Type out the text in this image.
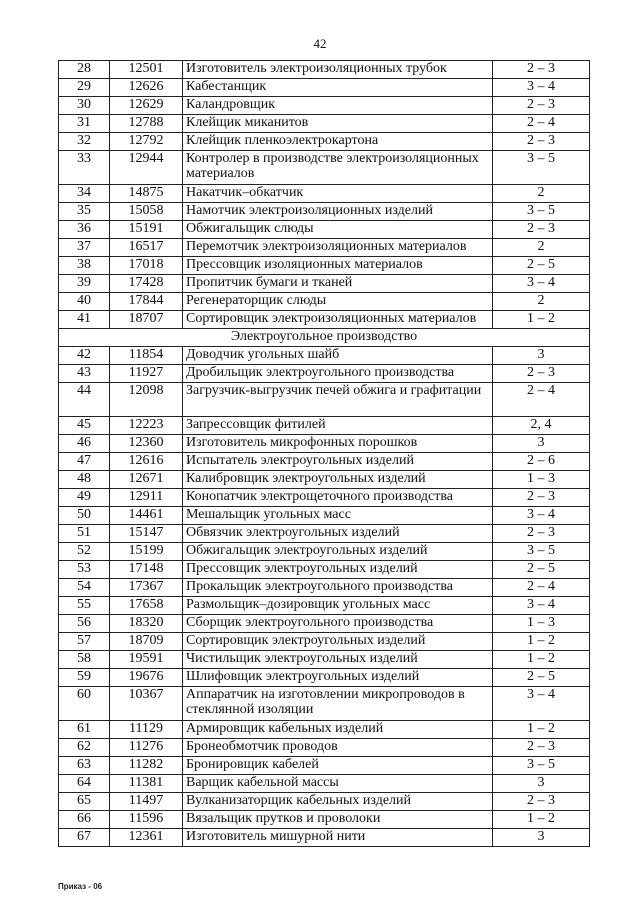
42
28	12501	Изготовитель электроизоляционных трубок	2 – 3
29	12626	Кабестанщик	3 – 4
30	12629	Каландровщик	2 – 3
31	12788	Клейщик миканитов	2 – 4
32	12792	Клейщик пленкоэлектрокартона	2 – 3
33	12944	Контролер в производстве электроизоляционных материалов	3 – 5
34	14875	Накатчик–обкатчик	2
35	15058	Намотчик электроизоляционных изделий	3 – 5
36	15191	Обжигальщик слюды	2 – 3
37	16517	Перемотчик электроизоляционных материалов	2
38	17018	Прессовщик изоляционных материалов	2 – 5
39	17428	Пропитчик бумаги и тканей	3 – 4
40	17844	Регенераторщик слюды	2
41	18707	Сортировщик электроизоляционных материалов	1 – 2
Электроугольное производство			
42	11854	Доводчик угольных шайб	3
43	11927	Дробильщик электроугольного производства	2 – 3
44	12098	Загрузчик-выгрузчик печей обжига и графитации	2 – 4
45	12223	Запрессовщик фитилей	2, 4
46	12360	Изготовитель микрофонных порошков	3
47	12616	Испытатель электроугольных изделий	2 – 6
48	12671	Калибровщик электроугольных изделий	1 – 3
49	12911	Конопатчик электрощеточного производства	2 – 3
50	14461	Мешальщик угольных масс	3 – 4
51	15147	Обвязчик электроугольных изделий	2 – 3
52	15199	Обжигальщик электроугольных изделий	3 – 5
53	17148	Прессовщик электроугольных изделий	2 – 5
54	17367	Прокальщик электроугольного производства	2 – 4
55	17658	Размольщик–дозировщик угольных масс	3 – 4
56	18320	Сборщик электроугольного производства	1 – 3
57	18709	Сортировщик электроугольных изделий	1 – 2
58	19591	Чистильщик электроугольных изделий	1 – 2
59	19676	Шлифовщик электроугольных изделий	2 – 5
60	10367	Аппаратчик на изготовлении микропроводов в стеклянной изоляции	3 – 4
61	11129	Армировщик кабельных изделий	1 – 2
62	11276	Бронеобмотчик проводов	2 – 3
63	11282	Бронировщик кабелей	3 – 5
64	11381	Варщик кабельной массы	3
65	11497	Вулканизаторщик кабельных изделий	2 – 3
66	11596	Вязальщик прутков и проволоки	1 – 2
67	12361	Изготовитель мишурной нити	3
Приказ - 06
